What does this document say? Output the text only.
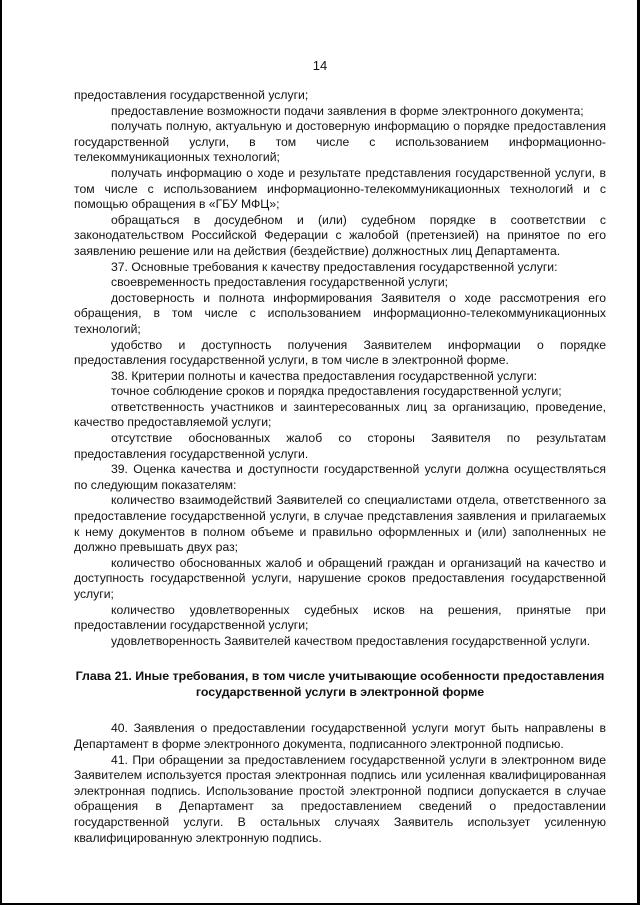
14

предоставления государственной услуги;

предоставление возможности подачи заявления в форме электронного документа;

получать полную, актуальную и достоверную информацию о порядке предоставления государственной услуги, в том числе с использованием информационно-телекоммуникационных технологий;

получать информацию о ходе и результате представления государственной услуги, в том числе с использованием информационно-телекоммуникационных технологий и с помощью обращения в «ГБУ МФЦ»;

обращаться в досудебном и (или) судебном порядке в соответствии с законодательством Российской Федерации с жалобой (претензией) на принятое по его заявлению решение или на действия (бездействие) должностных лиц Департамента.

37. Основные требования к качеству предоставления государственной услуги:

своевременность предоставления государственной услуги;

достоверность и полнота информирования Заявителя о ходе рассмотрения его обращения, в том числе с использованием информационно-телекоммуникационных технологий;

удобство и доступность получения Заявителем информации о порядке предоставления государственной услуги, в том числе в электронной форме.

38. Критерии полноты и качества предоставления государственной услуги:

точное соблюдение сроков и порядка предоставления государственной услуги;

ответственность участников и заинтересованных лиц за организацию, проведение, качество предоставляемой услуги;

отсутствие обоснованных жалоб со стороны Заявителя по результатам предоставления государственной услуги.

39. Оценка качества и доступности государственной услуги должна осуществляться по следующим показателям:

количество взаимодействий Заявителей со специалистами отдела, ответственного за предоставление государственной услуги, в случае представления заявления и прилагаемых к нему документов в полном объеме и правильно оформленных и (или) заполненных не должно превышать двух раз;

количество обоснованных жалоб и обращений граждан и организаций на качество и доступность государственной услуги, нарушение сроков предоставления государственной услуги;

количество удовлетворенных судебных исков на решения, принятые при предоставлении государственной услуги;

удовлетворенность Заявителей качеством предоставления государственной услуги.

Глава 21. Иные требования, в том числе учитывающие особенности предоставления государственной услуги в электронной форме

40. Заявления о предоставлении государственной услуги могут быть направлены в Департамент в форме электронного документа, подписанного электронной подписью.

41. При обращении за предоставлением государственной услуги в электронном виде Заявителем используется простая электронная подпись или усиленная квалифицированная электронная подпись. Использование простой электронной подписи допускается в случае обращения в Департамент за предоставлением сведений о предоставлении государственной услуги. В остальных случаях Заявитель использует усиленную квалифицированную электронную подпись.
